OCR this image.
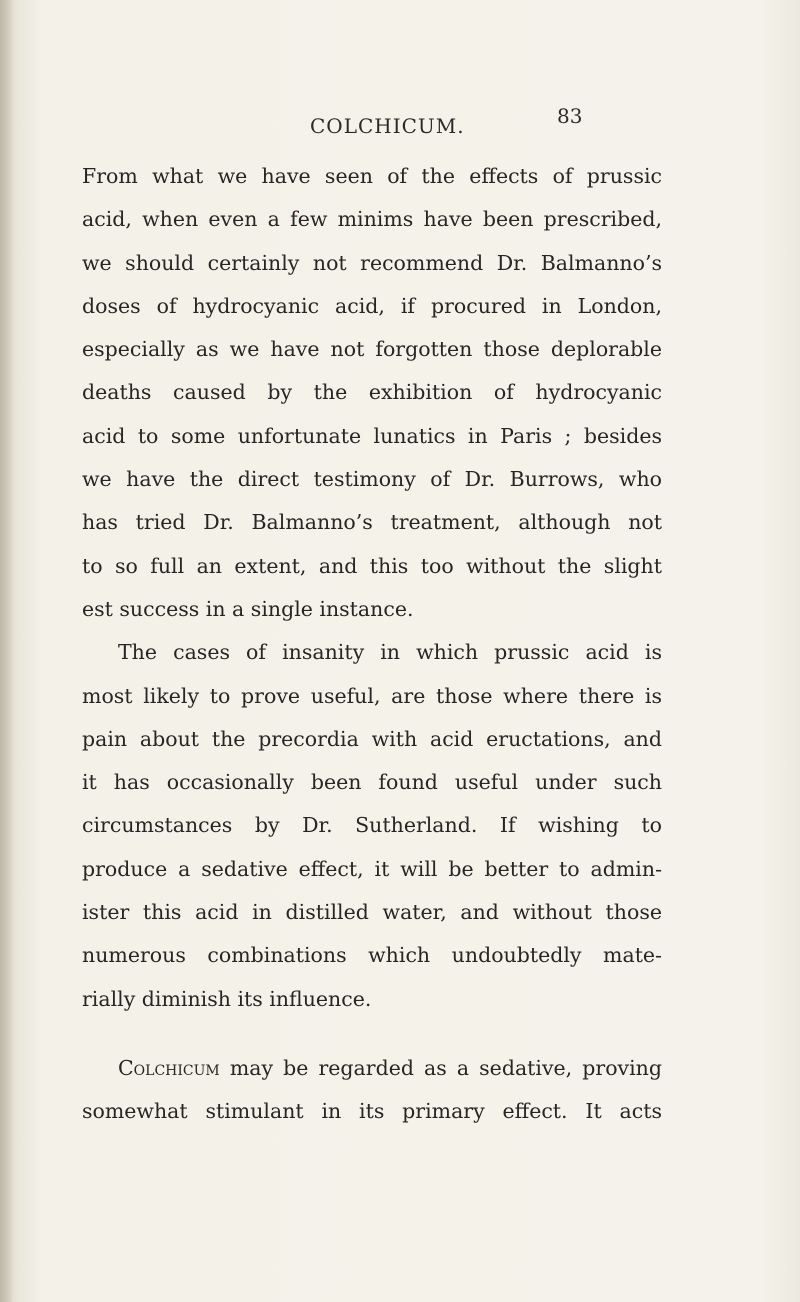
COLCHICUM.	83
From what we have seen of the effects of prussic
acid, when even a few minims have been prescribed,
we should certainly not recommend Dr. Balmanno’s
doses of hydrocyanic acid, if procured in London,
especially as we have not forgotten those deplorable
deaths caused by the exhibition of hydrocyanic
acid to some unfortunate lunatics in Paris ; besides
we have the direct testimony of Dr. Burrows, who
has tried Dr. Balmanno’s treatment, although not
to so full an extent, and this too without the slight
est success in a single instance.
The cases of insanity in which prussic acid is
most likely to prove useful, are those where there is
pain about the precordia with acid eructations, and
it has occasionally been found useful under such
circumstances by Dr. Sutherland. If wishing to
produce a sedative effect, it will be better to admin-
ister this acid in distilled water, and without those
numerous combinations which undoubtedly mate-
rially diminish its influence.
Colchicum may be regarded as a sedative, proving
somewhat stimulant in its primary effect. It acts
